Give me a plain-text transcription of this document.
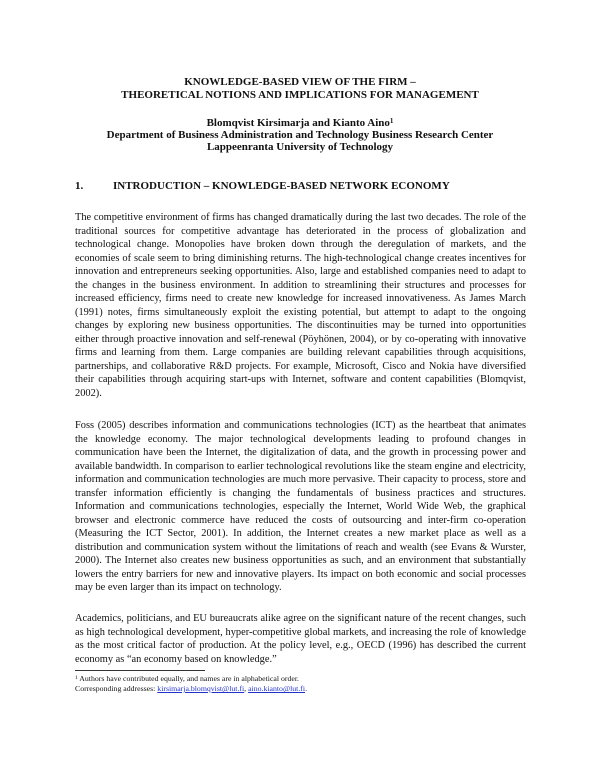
KNOWLEDGE-BASED VIEW OF THE FIRM –
THEORETICAL NOTIONS AND IMPLICATIONS FOR MANAGEMENT
Blomqvist Kirsimarja and Kianto Aino$^1$
Department of Business Administration and Technology Business Research Center
Lappeenranta University of Technology
1.	INTRODUCTION – KNOWLEDGE-BASED NETWORK ECONOMY

The competitive environment of firms has changed dramatically during the last two decades. The role of the traditional sources for competitive advantage has deteriorated in the process of globalization and technological change. Monopolies have broken down through the deregulation of markets, and the economies of scale seem to bring diminishing returns. The high-technological change creates incentives for innovation and entrepreneurs seeking opportunities. Also, large and established companies need to adapt to the changes in the business environment. In addition to streamlining their structures and processes for increased efficiency, firms need to create new knowledge for increased innovativeness. As James March (1991) notes, firms simultaneously exploit the existing potential, but attempt to adapt to the ongoing changes by exploring new business opportunities. The discontinuities may be turned into opportunities either through proactive innovation and self-renewal (Pöyhönen, 2004), or by co-operating with innovative firms and learning from them. Large companies are building relevant capabilities through acquisitions, partnerships, and collaborative R&D projects. For example, Microsoft, Cisco and Nokia have diversified their capabilities through acquiring start-ups with Internet, software and content capabilities (Blomqvist, 2002).

Foss (2005) describes information and communications technologies (ICT) as the heartbeat that animates the knowledge economy. The major technological developments leading to profound changes in communication have been the Internet, the digitalization of data, and the growth in processing power and available bandwidth. In comparison to earlier technological revolutions like the steam engine and electricity, information and communication technologies are much more pervasive. Their capacity to process, store and transfer information efficiently is changing the fundamentals of business practices and structures. Information and communications technologies, especially the Internet, World Wide Web, the graphical browser and electronic commerce have reduced the costs of outsourcing and inter-firm co-operation (Measuring the ICT Sector, 2001). In addition, the Internet creates a new market place as well as a distribution and communication system without the limitations of reach and wealth (see Evans & Wurster, 2000). The Internet also creates new business opportunities as such, and an environment that substantially lowers the entry barriers for new and innovative players. Its impact on both economic and social processes may be even larger than its impact on technology.

Academics, politicians, and EU bureaucrats alike agree on the significant nature of the recent changes, such as high technological development, hyper-competitive global markets, and increasing the role of knowledge as the most critical factor of production. At the policy level, e.g., OECD (1996) has described the current economy as “an economy based on knowledge.”

$^1$ Authors have contributed equally, and names are in alphabetical order.
Corresponding addresses: kirsimarja.blomqvist@lut.fi, aino.kianto@lut.fi.
